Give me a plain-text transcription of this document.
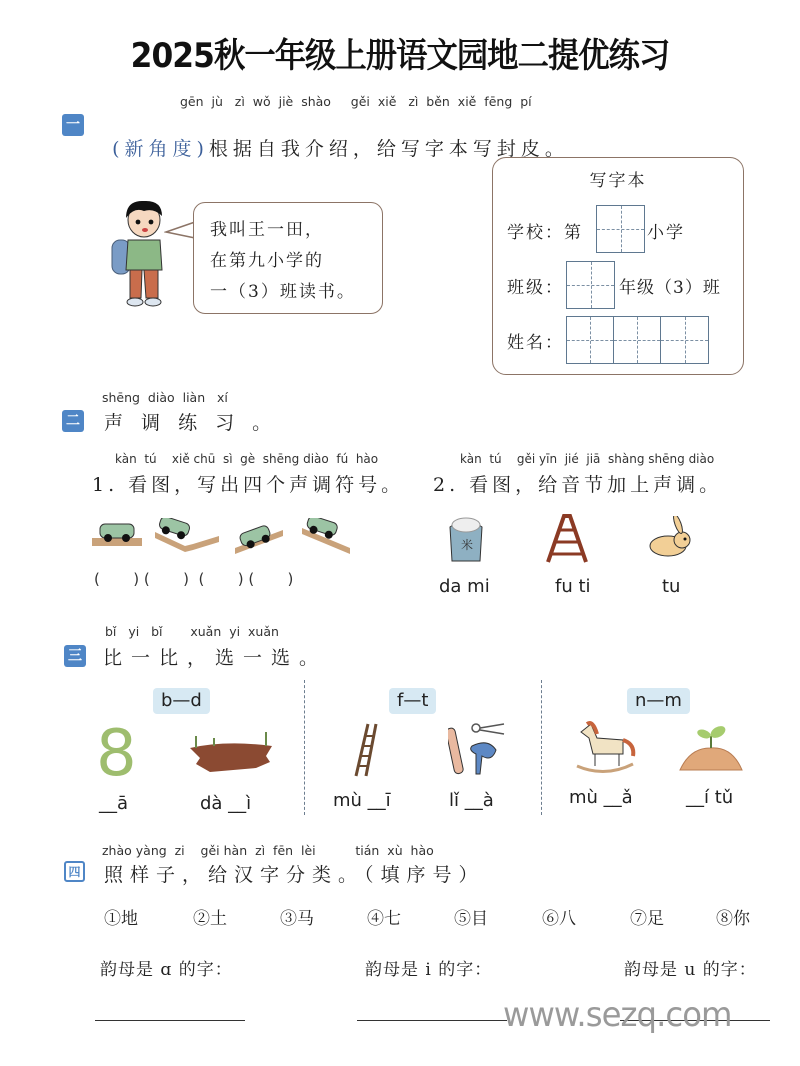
2025秋一年级上册语文园地二提优练习
gēn  jù   zì  wǒ  jiè  shào     gěi  xiě   zì  běn  xiě  fēng  pí
一

(新角度)根据自我介绍，给写字本写封皮。

我叫王一田，
在第九小学的
一（3）班读书。
写字本
学校：第	小学
班级：	年级（3）班
姓名：
shēng  diào  liàn   xí
二 声 调 练 习 。
kàn  tú    xiě chū  sì  gè  shēng diào  fú  hào
1. 看图，写出四个声调符号。
kàn  tú    gěi yīn  jié  jiā  shàng shēng diào
2. 看图，给音节加上声调。
(       ) (       )  (       ) (       )
米
da mi	fu ti	tu
bǐ   yi   bǐ       xuǎn  yi  xuǎn
三 比一比，选一选。
b—d	f—t	n—m
8
__ā	dà __ì	mù __ī	lǐ __à	mù __ǎ	__í tǔ
zhào yàng  zi    gěi hàn  zì  fēn  lèi          tián  xù  hào
四 照样子，给汉字分类。（填序号）
①地	②土	③马	④七	⑤目	⑥八	⑦足	⑧你
韵母是 ɑ 的字：	韵母是 i 的字：	韵母是 u 的字：
www.sezq.com
